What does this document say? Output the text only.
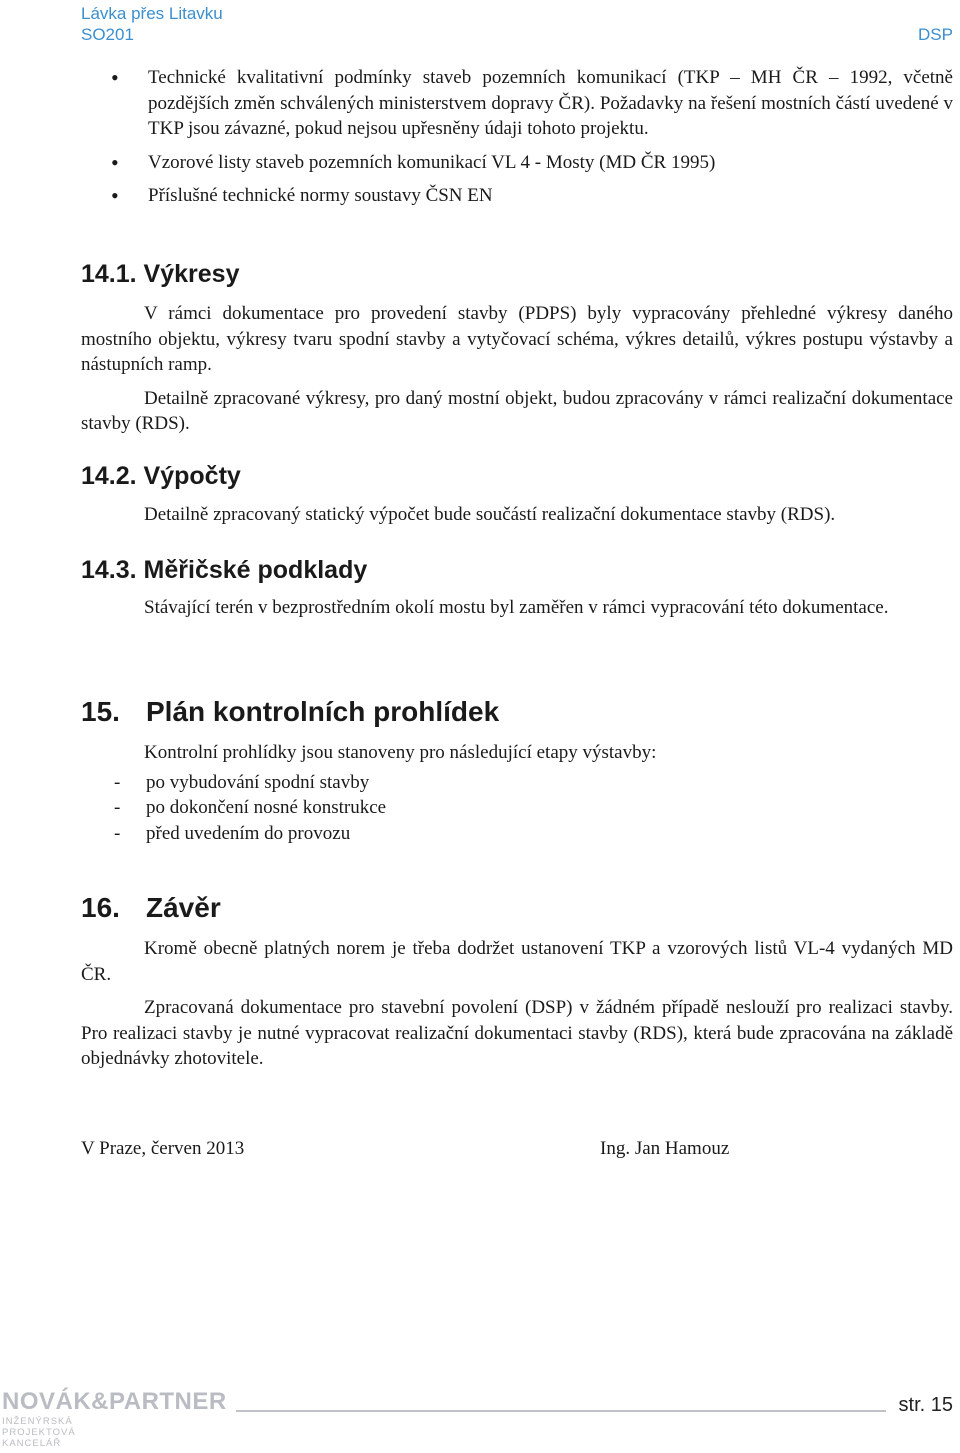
Lávka přes Litavku
SO201	DSP
• Technické kvalitativní podmínky staveb pozemních komunikací (TKP – MH ČR – 1992, včetně pozdějších změn schválených ministerstvem dopravy ČR). Požadavky na řešení mostních částí uvedené v TKP jsou závazné, pokud nejsou upřesněny údaji tohoto projektu.
• Vzorové listy staveb pozemních komunikací VL 4 - Mosty (MD ČR 1995)
• Příslušné technické normy soustavy ČSN EN
14.1. Výkresy

V rámci dokumentace pro provedení stavby (PDPS) byly vypracovány přehledné výkresy daného mostního objektu, výkresy tvaru spodní stavby a vytyčovací schéma, výkres detailů, výkres postupu výstavby a nástupních ramp.

Detailně zpracované výkresy, pro daný mostní objekt, budou zpracovány v rámci realizační dokumentace stavby (RDS).

14.2. Výpočty

Detailně zpracovaný statický výpočet bude součástí realizační dokumentace stavby (RDS).

14.3. Měřičské podklady

Stávající terén v bezprostředním okolí mostu byl zaměřen v rámci vypracování této dokumentace.

15. Plán kontrolních prohlídek

Kontrolní prohlídky jsou stanoveny pro následující etapy výstavby:

- po vybudování spodní stavby
- po dokončení nosné konstrukce
- před uvedením do provozu
16. Závěr

Kromě obecně platných norem je třeba dodržet ustanovení TKP a vzorových listů VL-4 vydaných MD ČR.

Zpracovaná dokumentace pro stavební povolení (DSP) v žádném případě neslouží pro realizaci stavby. Pro realizaci stavby je nutné vypracovat realizační dokumentaci stavby (RDS), která bude zpracována na základě objednávky zhotovitele.

V Praze, červen 2013	Ing. Jan Hamouz
NOVÁK&PARTNER
INŽENÝRSKÁ
PROJEKTOVÁ
KANCELÁŘ
str. 15
